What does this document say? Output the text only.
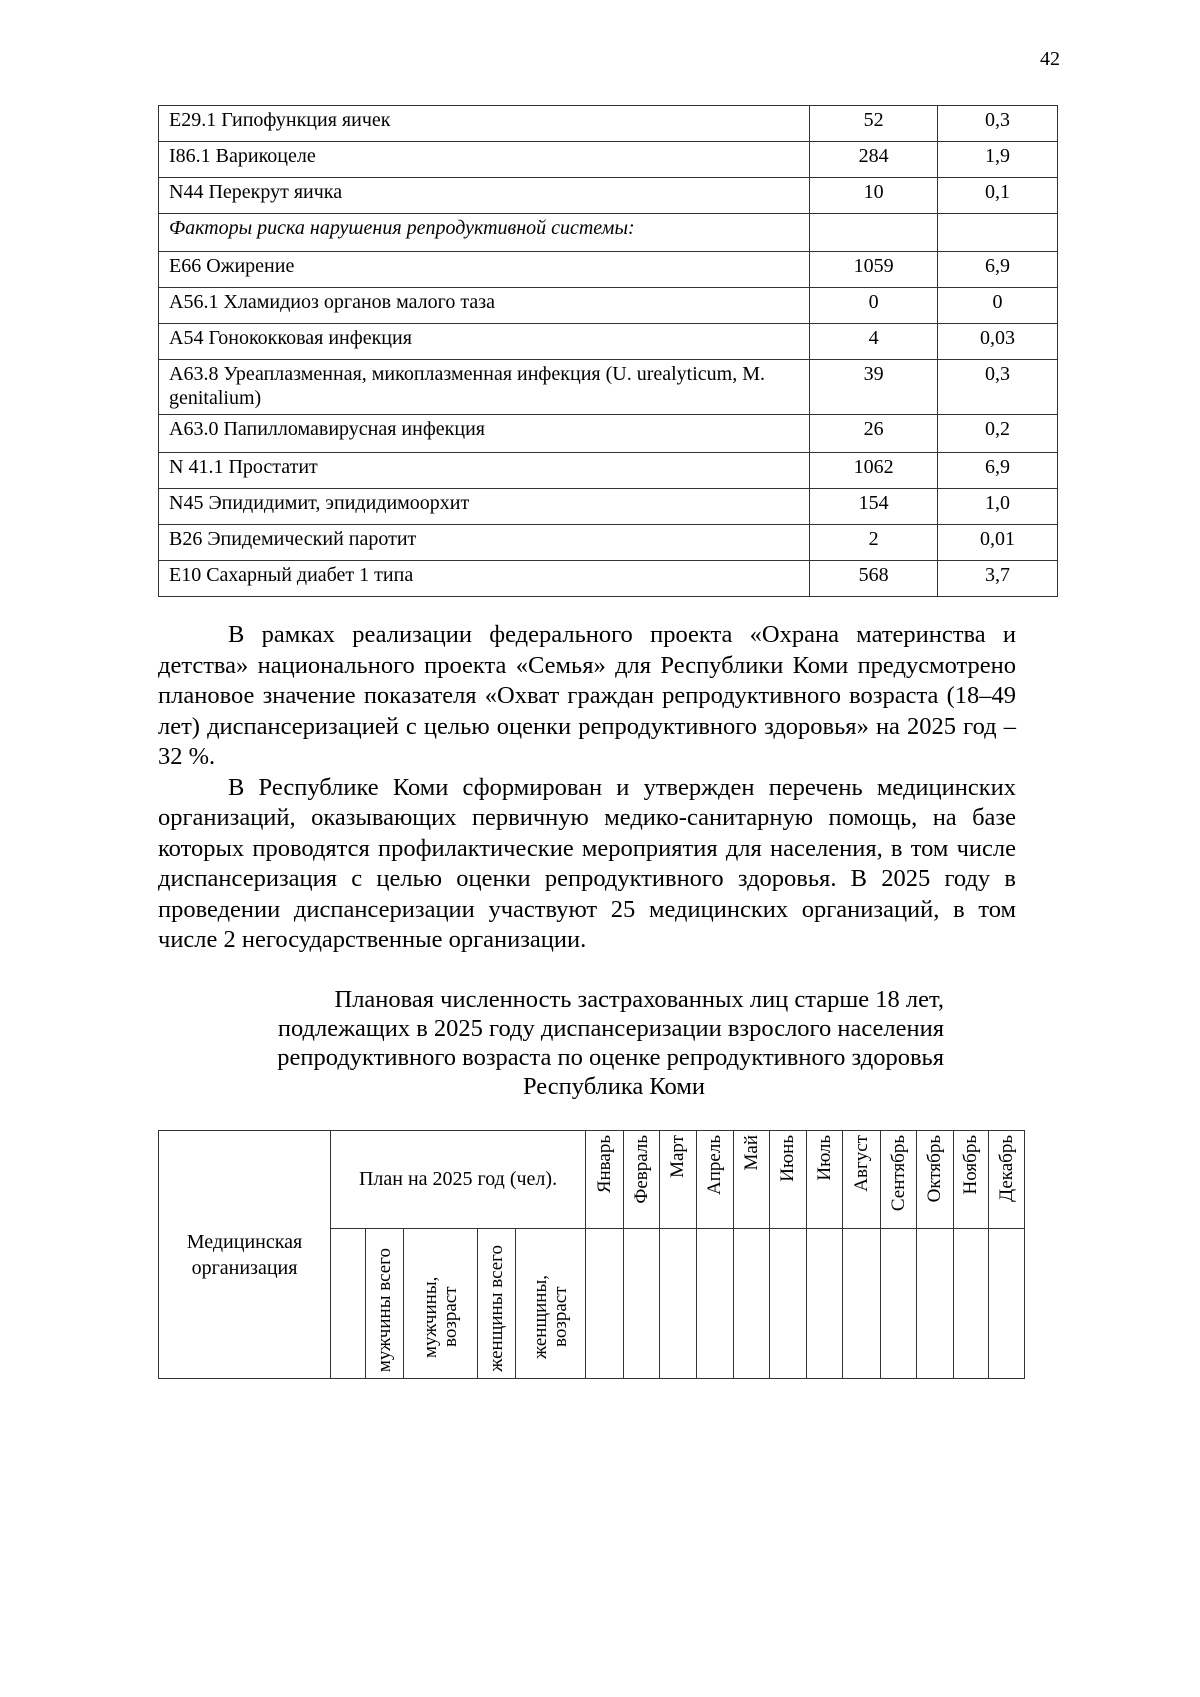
42
E29.1 Гипофункция яичек	52	0,3
I86.1 Варикоцеле	284	1,9
N44 Перекрут яичка	10	0,1
Факторы риска нарушения репродуктивной системы:		
E66 Ожирение	1059	6,9
A56.1 Хламидиоз органов малого таза	0	0
A54 Гонококковая инфекция	4	0,03
A63.8 Уреаплазменная, микоплазменная инфекция (U. urealyticum, M. genitalium)	39	0,3
A63.0 Папилломавирусная инфекция	26	0,2
N 41.1 Простатит	1062	6,9
N45 Эпидидимит, эпидидимоорхит	154	1,0
B26 Эпидемический паротит	2	0,01
E10 Сахарный диабет 1 типа	568	3,7

В рамках реализации федерального проекта «Охрана материнства и детства» национального проекта «Семья» для Республики Коми предусмотрено плановое значение показателя «Охват граждан репродуктивного возраста (18–49 лет) диспансеризацией с целью оценки репродуктивного здоровья» на 2025 год – 32 %.

В Республике Коми сформирован и утвержден перечень медицинских организаций, оказывающих первичную медико-санитарную помощь, на базе которых проводятся профилактические мероприятия для населения, в том числе диспансеризация с целью оценки репродуктивного здоровья. В 2025 году в проведении диспансеризации участвуют 25 медицинских организаций, в том числе 2 негосударственные организации.

Плановая численность застрахованных лиц старше 18 лет,
подлежащих в 2025 году диспансеризации взрослого населения
репродуктивного возраста по оценке репродуктивного здоровья
Республика Коми
Медицинская организация	План на 2025 год (чел).					Январь	Февраль	Март	Апрель	Май	Июнь	Июль	Август	Сентябрь	Октябрь	Ноябрь	Декабрь
		мужчины всего	мужчины, возраст	женщины всего	женщины, возраст												
